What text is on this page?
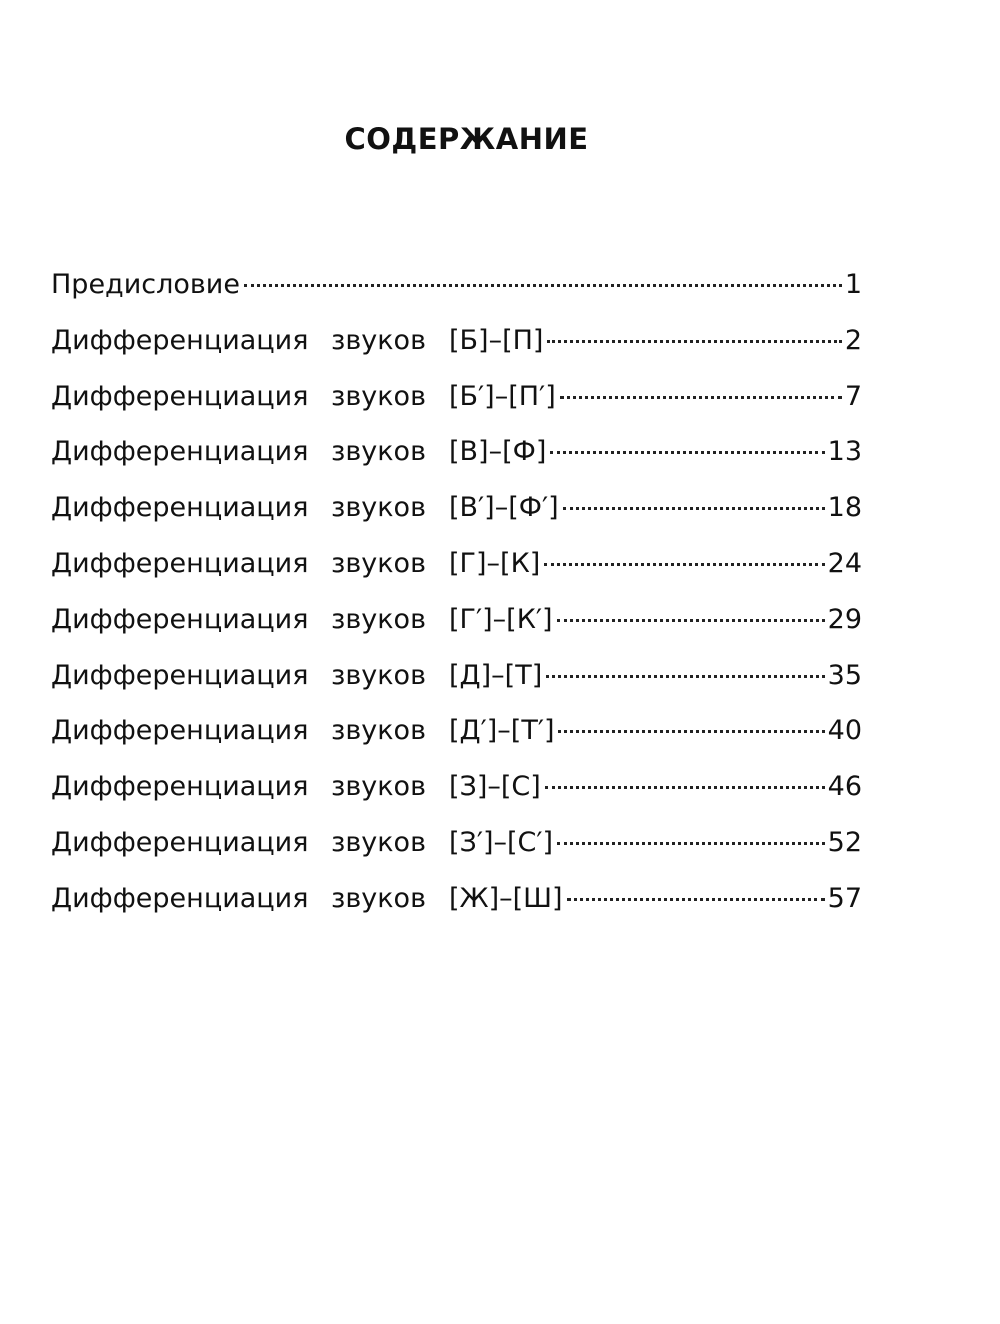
СОДЕРЖАНИЕ
Предисловие	1
Дифференциация звуков [Б]–[П]	2
Дифференциация звуков [Б′]–[П′]	7
Дифференциация звуков [В]–[Ф]	13
Дифференциация звуков [В′]–[Ф′]	18
Дифференциация звуков [Г]–[К]	24
Дифференциация звуков [Г′]–[К′]	29
Дифференциация звуков [Д]–[Т]	35
Дифференциация звуков [Д′]–[Т′]	40
Дифференциация звуков [З]–[С]	46
Дифференциация звуков [З′]–[С′]	52
Дифференциация звуков [Ж]–[Ш]	57
